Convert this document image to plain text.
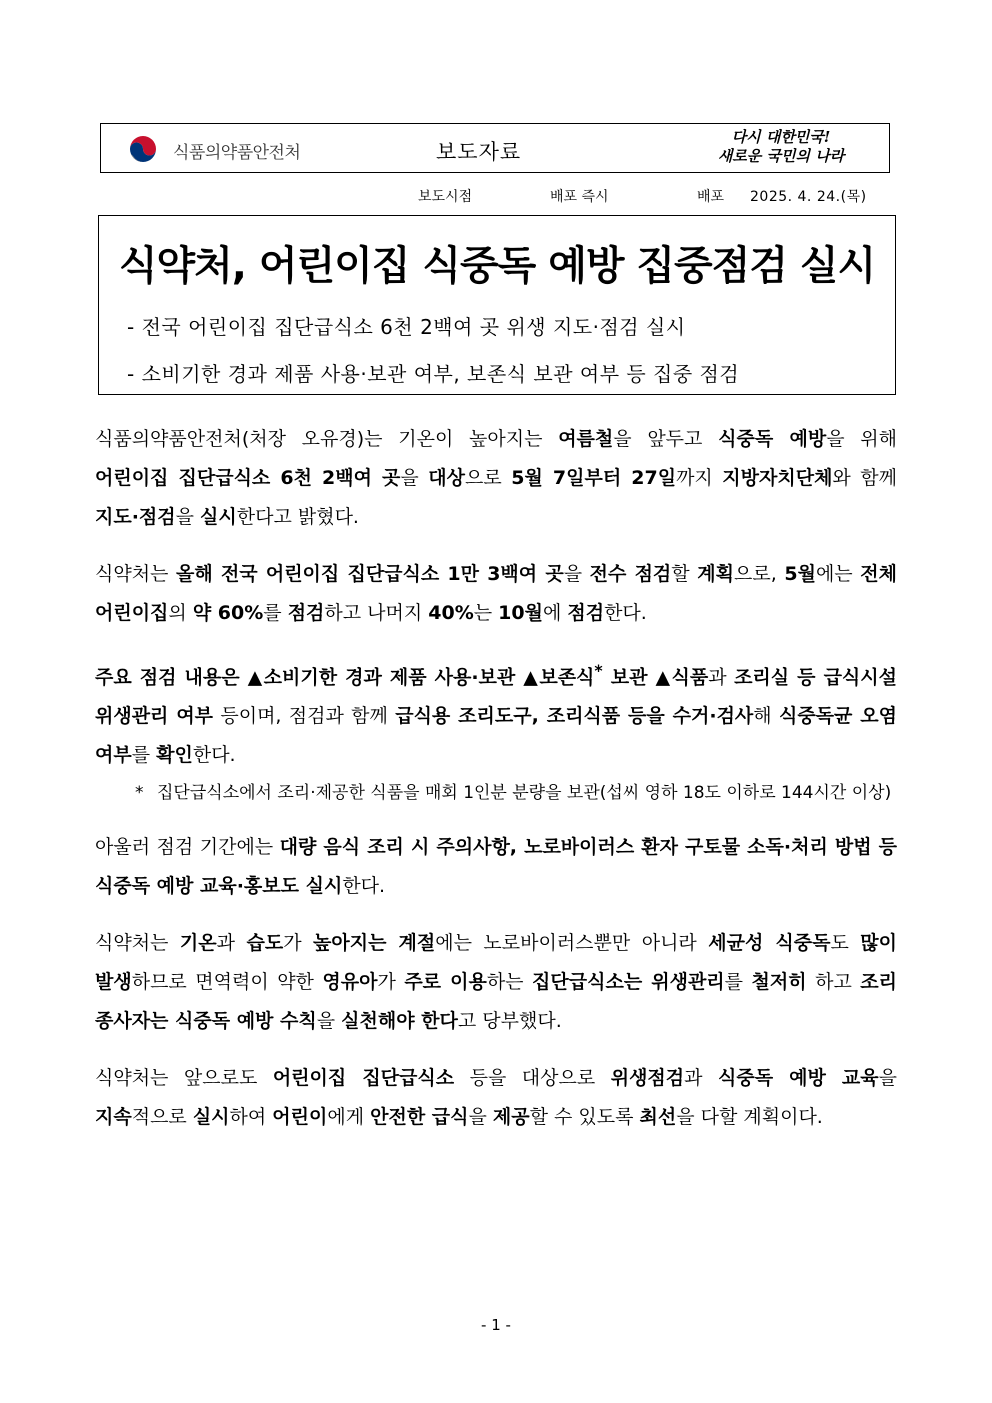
식품의약품안전처	보도자료
다시 대한민국!
새로운 국민의 나라
보도시점	배포 즉시	배포 2025. 4. 24.(목)
식약처, 어린이집 식중독 예방 집중점검 실시
- 전국 어린이집 집단급식소 6천 2백여 곳 위생 지도·점검 실시
- 소비기한 경과 제품 사용·보관 여부, 보존식 보관 여부 등 집중 점검

식품의약품안전처(처장 오유경)는 기온이 높아지는 여름철을 앞두고 식중독 예방을 위해 어린이집 집단급식소 6천 2백여 곳을 대상으로 5월 7일부터 27일까지 지방자치단체와 함께 지도·점검을 실시한다고 밝혔다.

식약처는 올해 전국 어린이집 집단급식소 1만 3백여 곳을 전수 점검할 계획으로, 5월에는 전체 어린이집의 약 60%를 점검하고 나머지 40%는 10월에 점검한다.

주요 점검 내용은 ▲소비기한 경과 제품 사용·보관 ▲보존식* 보관 ▲식품과 조리실 등 급식시설 위생관리 여부 등이며, 점검과 함께 급식용 조리도구, 조리식품 등을 수거·검사해 식중독균 오염 여부를 확인한다.

* 집단급식소에서 조리·제공한 식품을 매회 1인분 분량을 보관(섭씨 영하 18도 이하로 144시간 이상)

아울러 점검 기간에는 대량 음식 조리 시 주의사항, 노로바이러스 환자 구토물 소독·처리 방법 등 식중독 예방 교육·홍보도 실시한다.

식약처는 기온과 습도가 높아지는 계절에는 노로바이러스뿐만 아니라 세균성 식중독도 많이 발생하므로 면역력이 약한 영유아가 주로 이용하는 집단급식소는 위생관리를 철저히 하고 조리 종사자는 식중독 예방 수칙을 실천해야 한다고 당부했다.

식약처는 앞으로도 어린이집 집단급식소 등을 대상으로 위생점검과 식중독 예방 교육을 지속적으로 실시하여 어린이에게 안전한 급식을 제공할 수 있도록 최선을 다할 계획이다.

- 1 -
